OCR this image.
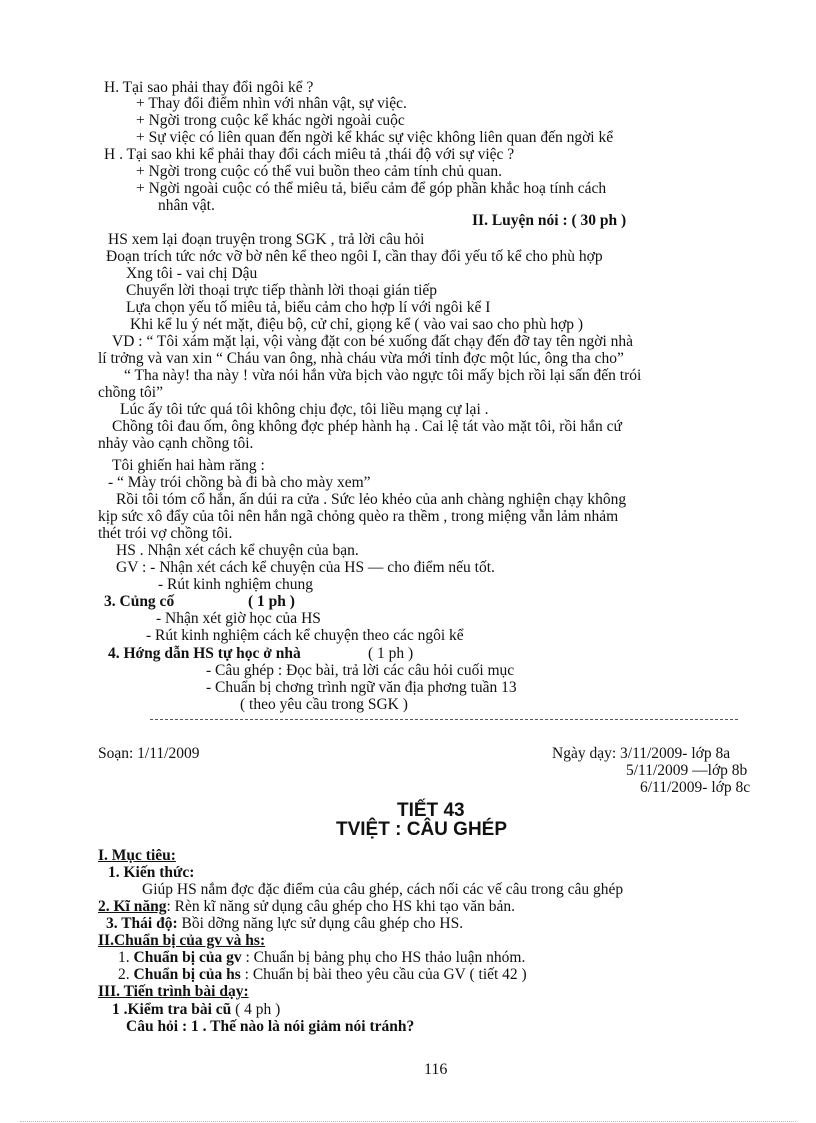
H. Tại sao phải thay đổi ngôi kể ?
+ Thay đổi điểm nhìn với nhân vật, sự việc.
+ Ngời trong cuộc kể khác ngời ngoài cuộc
+ Sự việc có liên quan đến ngời kể khác sự việc không liên quan đến ngời kể
H . Tại sao khi kể phải thay đổi cách miêu tả ,thái độ với sự việc ?
+ Ngời trong cuộc có thể vui buồn theo cảm tính chủ quan.
+ Ngời ngoài cuộc có thể miêu tả, biểu cảm để góp phần khắc hoạ tính cách
nhân vật.
II. Luyện nói : ( 30 ph )
HS xem lại đoạn truyện trong SGK , trả lời câu hỏi
Đoạn trích tức nớc vỡ bờ nên kể theo ngôi I, cần thay đổi yếu tố kể cho phù hợp
Xng tôi - vai chị Dậu
Chuyển lời thoại trực tiếp thành lời thoại gián tiếp
Lựa chọn yếu tố miêu tả, biểu cảm cho hợp lí với ngôi kể I
Khi kể lu ý nét mặt, điệu bộ, cử chỉ, giọng kể ( vào vai sao cho phù hợp )
VD : “ Tôi xám mặt lại, vội vàng đặt con bé xuống đất chạy đến đỡ tay tên ngời nhà
lí trởng và van xin “ Cháu van ông, nhà cháu vừa mới tỉnh đợc một lúc, ông tha cho”
“ Tha này! tha này ! vừa nói hắn vừa bịch vào ngực tôi mấy bịch rồi lại sấn đến trói
chồng tôi”
Lúc ấy tôi tức quá tôi không chịu đợc, tôi liều mạng cự lại .
Chồng tôi đau ốm, ông không đợc phép hành hạ . Cai lệ tát vào mặt tôi, rồi hắn cứ
nhảy vào cạnh chồng tôi.
Tôi ghiến hai hàm răng :
- “ Mày trói chồng bà đi bà cho mày xem”
Rồi tôi tóm cổ hắn, ấn dúi ra cửa . Sức lẻo khẻo của anh chàng nghiện chạy không
kịp sức xô đẩy của tôi nên hắn ngã chỏng quèo ra thềm , trong miệng vẫn lảm nhảm
thét trói vợ chồng tôi.
HS . Nhận xét cách kể chuyện của bạn.
GV : - Nhận xét cách kể chuyện của HS — cho điểm nếu tốt.
- Rút kinh nghiệm chung
3. Củng cố	( 1 ph )
- Nhận xét giờ học của HS
- Rút kinh nghiệm cách kể chuyện theo các ngôi kể
4. Hớng dẫn HS tự học ở nhà	( 1 ph )
- Câu ghép : Đọc bài, trả lời các câu hỏi cuối mục
- Chuẩn bị chơng trình ngữ văn địa phơng tuần 13
( theo yêu cầu trong SGK )
Soạn: 1/11/2009	Ngày dạy: 3/11/2009- lớp 8a
5/11/2009 —lớp 8b
6/11/2009- lớp 8c
TIẾT 43
TVIỆT : CÂU GHÉP
I. Mục tiêu:
1. Kiến thức:
Giúp HS nắm đợc đặc điểm của câu ghép, cách nối các vế câu trong câu ghép
2. Kĩ năng: Rèn kĩ năng sử dụng câu ghép cho HS khi tạo văn bản.
3. Thái độ: Bồi dỡng năng lực sử dụng câu ghép cho HS.
II.Chuẩn bị của gv và hs:
1. Chuẩn bị của gv : Chuẩn bị bảng phụ cho HS thảo luận nhóm.
2. Chuẩn bị của hs : Chuẩn bị bài theo yêu cầu của GV ( tiết 42 )
III. Tiến trình bài dạy:
1 .Kiểm tra bài cũ ( 4 ph )
Câu hỏi : 1 . Thế nào là nói giảm nói tránh?
116
